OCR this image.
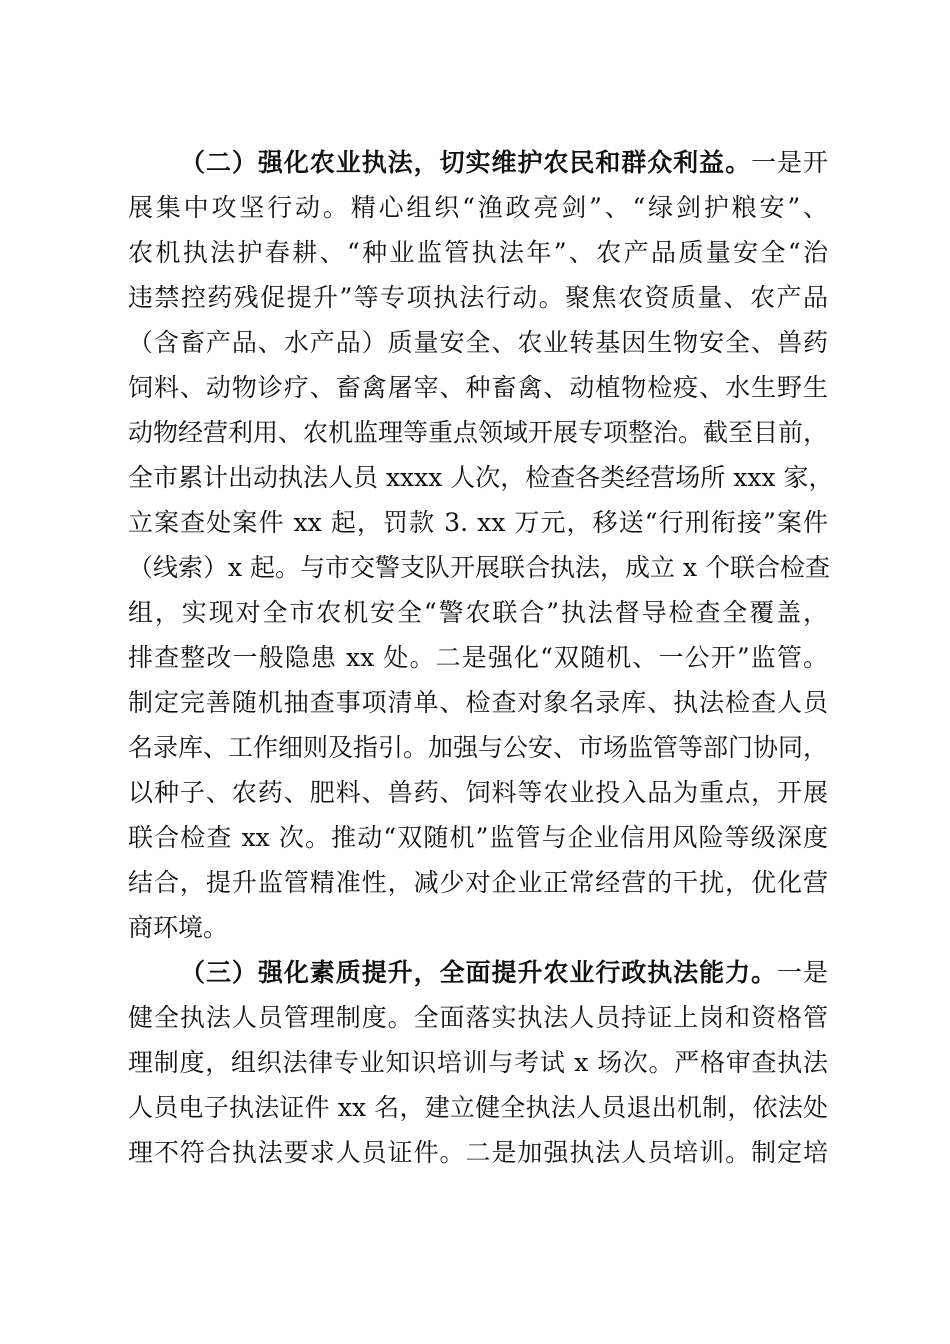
（二）强化农业执法，切实维护农民和群众利益。一是开
展集中攻坚行动。精心组织“渔政亮剑”、“绿剑护粮安”、
农机执法护春耕、“种业监管执法年”、农产品质量安全“治
违禁控药残促提升”等专项执法行动。聚焦农资质量、农产品
（含畜产品、水产品）质量安全、农业转基因生物安全、兽药
饲料、动物诊疗、畜禽屠宰、种畜禽、动植物检疫、水生野生
动物经营利用、农机监理等重点领域开展专项整治。截至目前，
全市累计出动执法人员 xxxx 人次，检查各类经营场所 xxx 家，
立案查处案件 xx 起，罚款 3. xx 万元，移送“行刑衔接”案件
（线索）x 起。与市交警支队开展联合执法，成立 x 个联合检查
组，实现对全市农机安全“警农联合”执法督导检查全覆盖，
排查整改一般隐患 xx 处。二是强化“双随机、一公开”监管。
制定完善随机抽查事项清单、检查对象名录库、执法检查人员
名录库、工作细则及指引。加强与公安、市场监管等部门协同，
以种子、农药、肥料、兽药、饲料等农业投入品为重点，开展
联合检查 xx 次。推动“双随机”监管与企业信用风险等级深度
结合，提升监管精准性，减少对企业正常经营的干扰，优化营
商环境。
（三）强化素质提升，全面提升农业行政执法能力。一是
健全执法人员管理制度。全面落实执法人员持证上岗和资格管
理制度，组织法律专业知识培训与考试 x 场次。严格审查执法
人员电子执法证件 xx 名，建立健全执法人员退出机制，依法处
理不符合执法要求人员证件。二是加强执法人员培训。制定培
